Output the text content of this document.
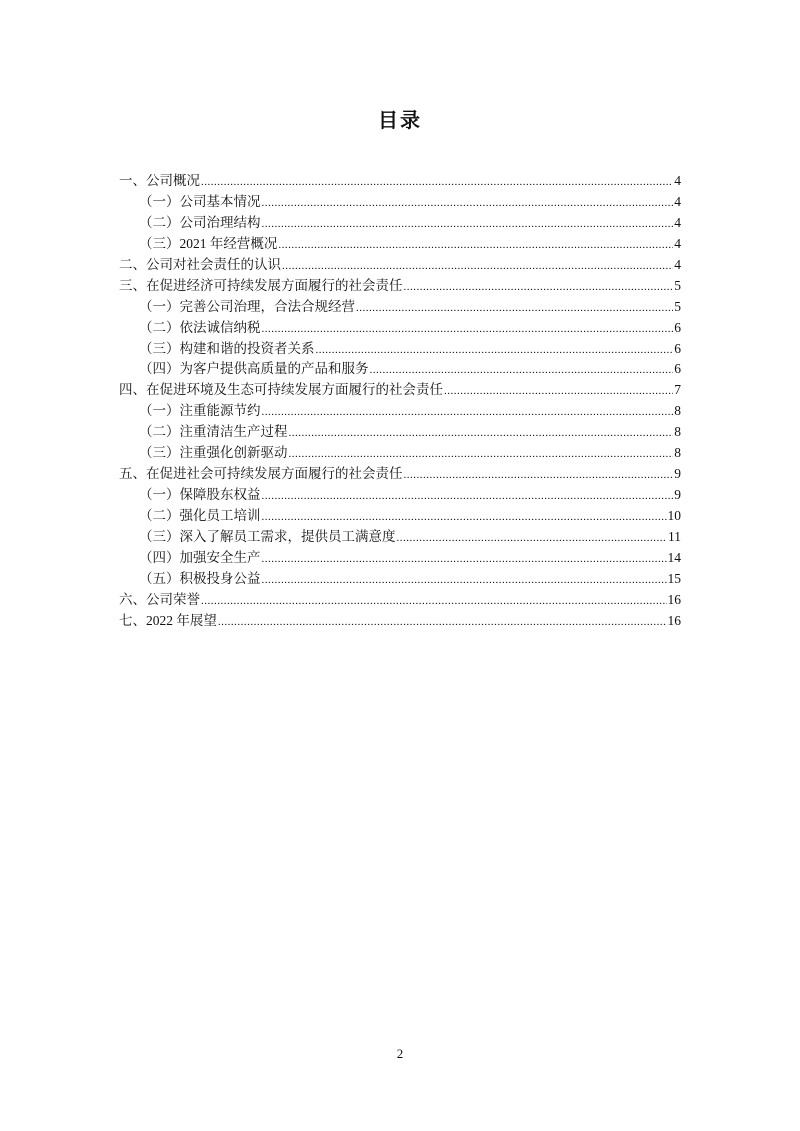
目录
一、公司概况 .....	4
（一）公司基本情况 .....	4
（二）公司治理结构 .....	4
（三）2021 年经营概况 .....	4
二、公司对社会责任的认识 .....	4
三、在促进经济可持续发展方面履行的社会责任 .....	5
（一）完善公司治理，合法合规经营 .....	5
（二）依法诚信纳税 .....	6
（三）构建和谐的投资者关系 .....	6
（四）为客户提供高质量的产品和服务 .....	6
四、在促进环境及生态可持续发展方面履行的社会责任 .....	7
（一）注重能源节约 .....	8
（二）注重清洁生产过程 .....	8
（三）注重强化创新驱动 .....	8
五、在促进社会可持续发展方面履行的社会责任 .....	9
（一）保障股东权益 .....	9
（二）强化员工培训 .....	10
（三）深入了解员工需求，提供员工满意度 .....	11
（四）加强安全生产 .....	14
（五）积极投身公益 .....	15
六、公司荣誉 .....	16
七、2022 年展望 .....	16
2
